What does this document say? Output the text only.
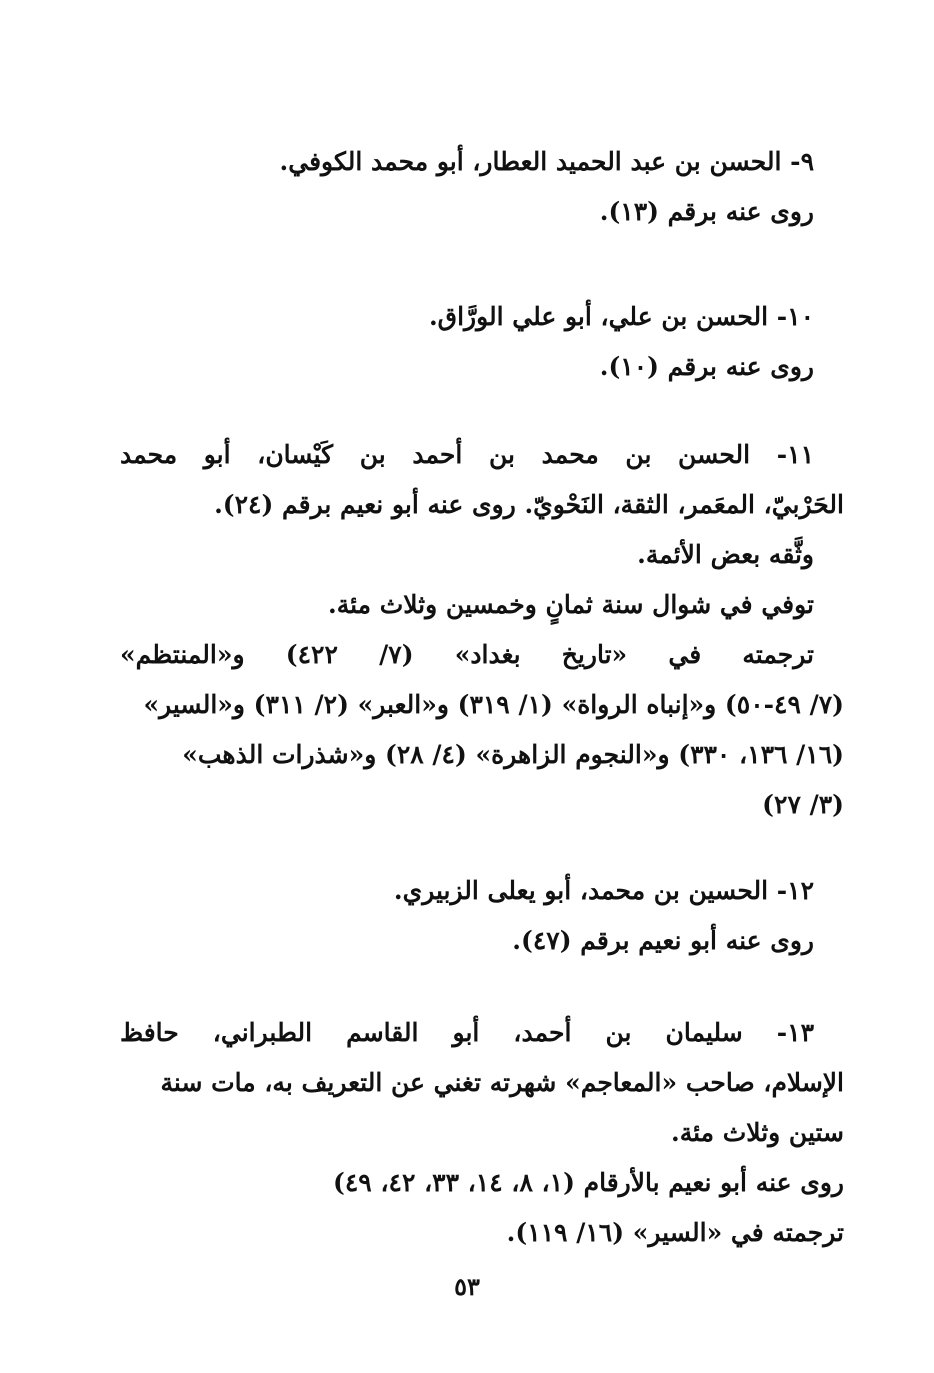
٩- الحسن بن عبد الحميد العطار، أبو محمد الكوفي.
روى عنه برقم (١٣).
١٠- الحسن بن علي، أبو علي الورَّاق.
روى عنه برقم (١٠).
١١- الحسن بن محمد بن أحمد بن كَيْسان، أبو محمد
الحَرْبيّ، المعَمر، الثقة، النَحْويّ. روى عنه أبو نعيم برقم (٢٤).
وثَّقه بعض الأئمة.
توفي في شوال سنة ثمانٍ وخمسين وثلاث مئة.
ترجمته في «تاريخ بغداد» (٧/ ٤٢٢) و«المنتظم»
(٧/ ٤٩-٥٠) و«إنباه الرواة» (١/ ٣١٩) و«العبر» (٢/ ٣١١) و«السير»
(١٦/ ١٣٦، ٣٣٠) و«النجوم الزاهرة» (٤/ ٢٨) و«شذرات الذهب»
(٣/ ٢٧)
١٢- الحسين بن محمد، أبو يعلى الزبيري.
روى عنه أبو نعيم برقم (٤٧).
١٣- سليمان بن أحمد، أبو القاسم الطبراني، حافظ
الإسلام، صاحب «المعاجم» شهرته تغني عن التعريف به، مات سنة
ستين وثلاث مئة.
روى عنه أبو نعيم بالأرقام (١، ٨، ١٤، ٣٣، ٤٢، ٤٩)
ترجمته في «السير» (١٦/ ١١٩).
٥٣
